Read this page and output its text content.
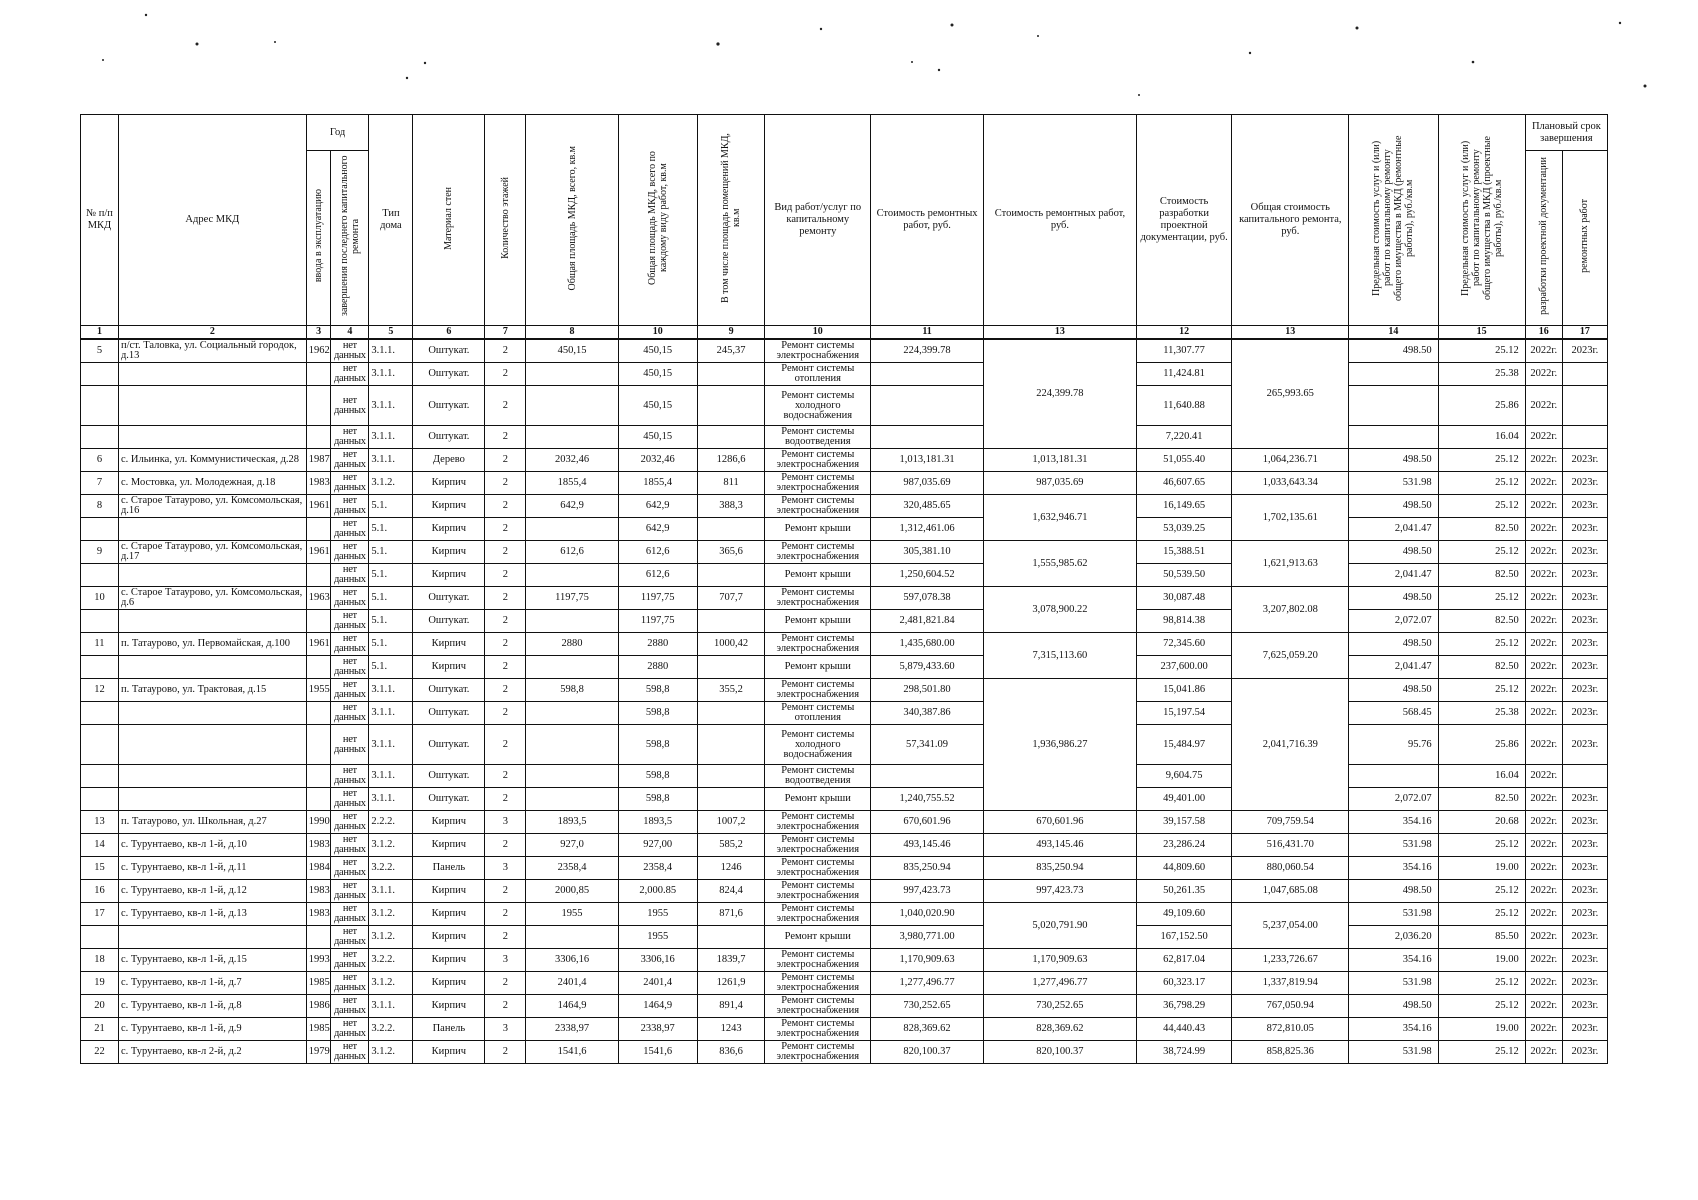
№ п/п МКД	Адрес МКД	Год		Тип дома	Материал стен	Количество этажей	Общая площадь МКД, всего, кв.м	Общая площадь МКД, всего по каждому виду работ, кв.м	В том числе площадь помещений МКД, кв.м	Вид работ/услуг по капитальному ремонту	Стоимость ремонтных работ, руб.	Стоимость ремонтных работ, руб.	Стоимость разработки проектной документации, руб.	Общая стоимость капитального ремонта, руб.	Предельная стоимость услуг и (или) работ по капитальному ремонту общего имущества в МКД (ремонтные работы), руб./кв.м	Предельная стоимость услуг и (или) работ по капитальному ремонту общего имущества в МКД (проектные работы), руб./кв.м	Плановый срок завершения	
		ввода в эксплуатацию	завершения последнего капитального ремонта														разработки проектной документации	ремонтных работ
1	2	3	4	5	6	7	8	10	9	10	11	13	12	13	14	15	16	17
5	п/ст. Таловка, ул. Социальный городок, д.13	1962	нет данных	3.1.1.	Оштукат.	2	450,15	450,15	245,37	Ремонт системы электроснабжения	224,399.78	224,399.78	11,307.77	265,993.65	498.50	25.12	2022г.	2023г.
			нет данных	3.1.1.	Оштукат.	2		450,15		Ремонт системы отопления			11,424.81			25.38	2022г.	
			нет данных	3.1.1.	Оштукат.	2		450,15		Ремонт системы холодного водоснабжения			11,640.88			25.86	2022г.	
			нет данных	3.1.1.	Оштукат.	2		450,15		Ремонт системы водоотведения			7,220.41			16.04	2022г.	
6	с. Ильинка, ул. Коммунистическая, д.28	1987	нет данных	3.1.1.	Дерево	2	2032,46	2032,46	1286,6	Ремонт системы электроснабжения	1,013,181.31	1,013,181.31	51,055.40	1,064,236.71	498.50	25.12	2022г.	2023г.
7	с. Мостовка, ул. Молодежная, д.18	1983	нет данных	3.1.2.	Кирпич	2	1855,4	1855,4	811	Ремонт системы электроснабжения	987,035.69	987,035.69	46,607.65	1,033,643.34	531.98	25.12	2022г.	2023г.
8	с. Старое Татаурово, ул. Комсомольская, д.16	1961	нет данных	5.1.	Кирпич	2	642,9	642,9	388,3	Ремонт системы электроснабжения	320,485.65	1,632,946.71	16,149.65	1,702,135.61	498.50	25.12	2022г.	2023г.
			нет данных	5.1.	Кирпич	2		642,9		Ремонт крыши	1,312,461.06		53,039.25		2,041.47	82.50	2022г.	2023г.
9	с. Старое Татаурово, ул. Комсомольская, д.17	1961	нет данных	5.1.	Кирпич	2	612,6	612,6	365,6	Ремонт системы электроснабжения	305,381.10	1,555,985.62	15,388.51	1,621,913.63	498.50	25.12	2022г.	2023г.
			нет данных	5.1.	Кирпич	2		612,6		Ремонт крыши	1,250,604.52		50,539.50		2,041.47	82.50	2022г.	2023г.
10	с. Старое Татаурово, ул. Комсомольская, д.6	1963	нет данных	5.1.	Оштукат.	2	1197,75	1197,75	707,7	Ремонт системы электроснабжения	597,078.38	3,078,900.22	30,087.48	3,207,802.08	498.50	25.12	2022г.	2023г.
			нет данных	5.1.	Оштукат.	2		1197,75		Ремонт крыши	2,481,821.84		98,814.38		2,072.07	82.50	2022г.	2023г.
11	п. Татаурово, ул. Первомайская, д.100	1961	нет данных	5.1.	Кирпич	2	2880	2880	1000,42	Ремонт системы электроснабжения	1,435,680.00	7,315,113.60	72,345.60	7,625,059.20	498.50	25.12	2022г.	2023г.
			нет данных	5.1.	Кирпич	2		2880		Ремонт крыши	5,879,433.60		237,600.00		2,041.47	82.50	2022г.	2023г.
12	п. Татаурово, ул. Трактовая, д.15	1955	нет данных	3.1.1.	Оштукат.	2	598,8	598,8	355,2	Ремонт системы электроснабжения	298,501.80	1,936,986.27	15,041.86	2,041,716.39	498.50	25.12	2022г.	2023г.
			нет данных	3.1.1.	Оштукат.	2		598,8		Ремонт системы отопления	340,387.86		15,197.54		568.45	25.38	2022г.	2023г.
			нет данных	3.1.1.	Оштукат.	2		598,8		Ремонт системы холодного водоснабжения	57,341.09		15,484.97		95.76	25.86	2022г.	2023г.
			нет данных	3.1.1.	Оштукат.	2		598,8		Ремонт системы водоотведения			9,604.75			16.04	2022г.	
			нет данных	3.1.1.	Оштукат.	2		598,8		Ремонт крыши	1,240,755.52		49,401.00		2,072.07	82.50	2022г.	2023г.
13	п. Татаурово, ул. Школьная, д.27	1990	нет данных	2.2.2.	Кирпич	3	1893,5	1893,5	1007,2	Ремонт системы электроснабжения	670,601.96	670,601.96	39,157.58	709,759.54	354.16	20.68	2022г.	2023г.
14	с. Турунтаево, кв-л 1-й, д.10	1983	нет данных	3.1.2.	Кирпич	2	927,0	927,00	585,2	Ремонт системы электроснабжения	493,145.46	493,145.46	23,286.24	516,431.70	531.98	25.12	2022г.	2023г.
15	с. Турунтаево, кв-л 1-й, д.11	1984	нет данных	3.2.2.	Панель	3	2358,4	2358,4	1246	Ремонт системы электроснабжения	835,250.94	835,250.94	44,809.60	880,060.54	354.16	19.00	2022г.	2023г.
16	с. Турунтаево, кв-л 1-й, д.12	1983	нет данных	3.1.1.	Кирпич	2	2000,85	2,000.85	824,4	Ремонт системы электроснабжения	997,423.73	997,423.73	50,261.35	1,047,685.08	498.50	25.12	2022г.	2023г.
17	с. Турунтаево, кв-л 1-й, д.13	1983	нет данных	3.1.2.	Кирпич	2	1955	1955	871,6	Ремонт системы электроснабжения	1,040,020.90	5,020,791.90	49,109.60	5,237,054.00	531.98	25.12	2022г.	2023г.
			нет данных	3.1.2.	Кирпич	2		1955		Ремонт крыши	3,980,771.00		167,152.50		2,036.20	85.50	2022г.	2023г.
18	с. Турунтаево, кв-л 1-й, д.15	1993	нет данных	3.2.2.	Кирпич	3	3306,16	3306,16	1839,7	Ремонт системы электроснабжения	1,170,909.63	1,170,909.63	62,817.04	1,233,726.67	354.16	19.00	2022г.	2023г.
19	с. Турунтаево, кв-л 1-й, д.7	1985	нет данных	3.1.2.	Кирпич	2	2401,4	2401,4	1261,9	Ремонт системы электроснабжения	1,277,496.77	1,277,496.77	60,323.17	1,337,819.94	531.98	25.12	2022г.	2023г.
20	с. Турунтаево, кв-л 1-й, д.8	1986	нет данных	3.1.1.	Кирпич	2	1464,9	1464,9	891,4	Ремонт системы электроснабжения	730,252.65	730,252.65	36,798.29	767,050.94	498.50	25.12	2022г.	2023г.
21	с. Турунтаево, кв-л 1-й, д.9	1985	нет данных	3.2.2.	Панель	3	2338,97	2338,97	1243	Ремонт системы электроснабжения	828,369.62	828,369.62	44,440.43	872,810.05	354.16	19.00	2022г.	2023г.
22	с. Турунтаево, кв-л 2-й, д.2	1979	нет данных	3.1.2.	Кирпич	2	1541,6	1541,6	836,6	Ремонт системы электроснабжения	820,100.37	820,100.37	38,724.99	858,825.36	531.98	25.12	2022г.	2023г.
